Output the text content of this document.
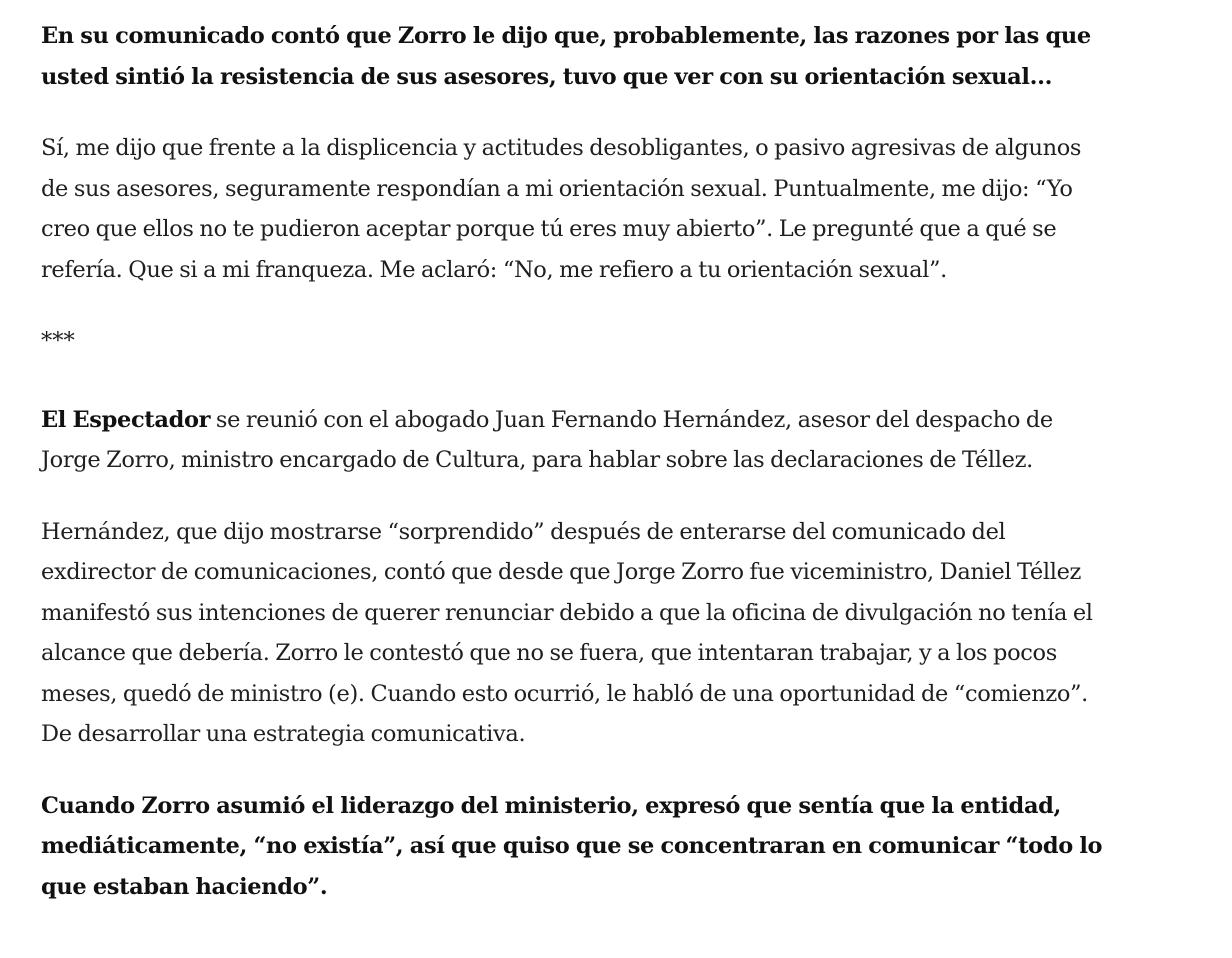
En su comunicado contó que Zorro le dijo que, probablemente, las razones por las que usted sintió la resistencia de sus asesores, tuvo que ver con su orientación sexual...

Sí, me dijo que frente a la displicencia y actitudes desobligantes, o pasivo agresivas de algunos de sus asesores, seguramente respondían a mi orientación sexual. Puntualmente, me dijo: “Yo creo que ellos no te pudieron aceptar porque tú eres muy abierto”. Le pregunté que a qué se refería. Que si a mi franqueza. Me aclaró: “No, me refiero a tu orientación sexual”.

***

El Espectador se reunió con el abogado Juan Fernando Hernández, asesor del despacho de Jorge Zorro, ministro encargado de Cultura, para hablar sobre las declaraciones de Téllez.

Hernández, que dijo mostrarse “sorprendido” después de enterarse del comunicado del exdirector de comunicaciones, contó que desde que Jorge Zorro fue viceministro, Daniel Téllez manifestó sus intenciones de querer renunciar debido a que la oficina de divulgación no tenía el alcance que debería. Zorro le contestó que no se fuera, que intentaran trabajar, y a los pocos meses, quedó de ministro (e). Cuando esto ocurrió, le habló de una oportunidad de “comienzo”. De desarrollar una estrategia comunicativa.

Cuando Zorro asumió el liderazgo del ministerio, expresó que sentía que la entidad, mediáticamente, “no existía”, así que quiso que se concentraran en comunicar “todo lo que estaban haciendo”.
